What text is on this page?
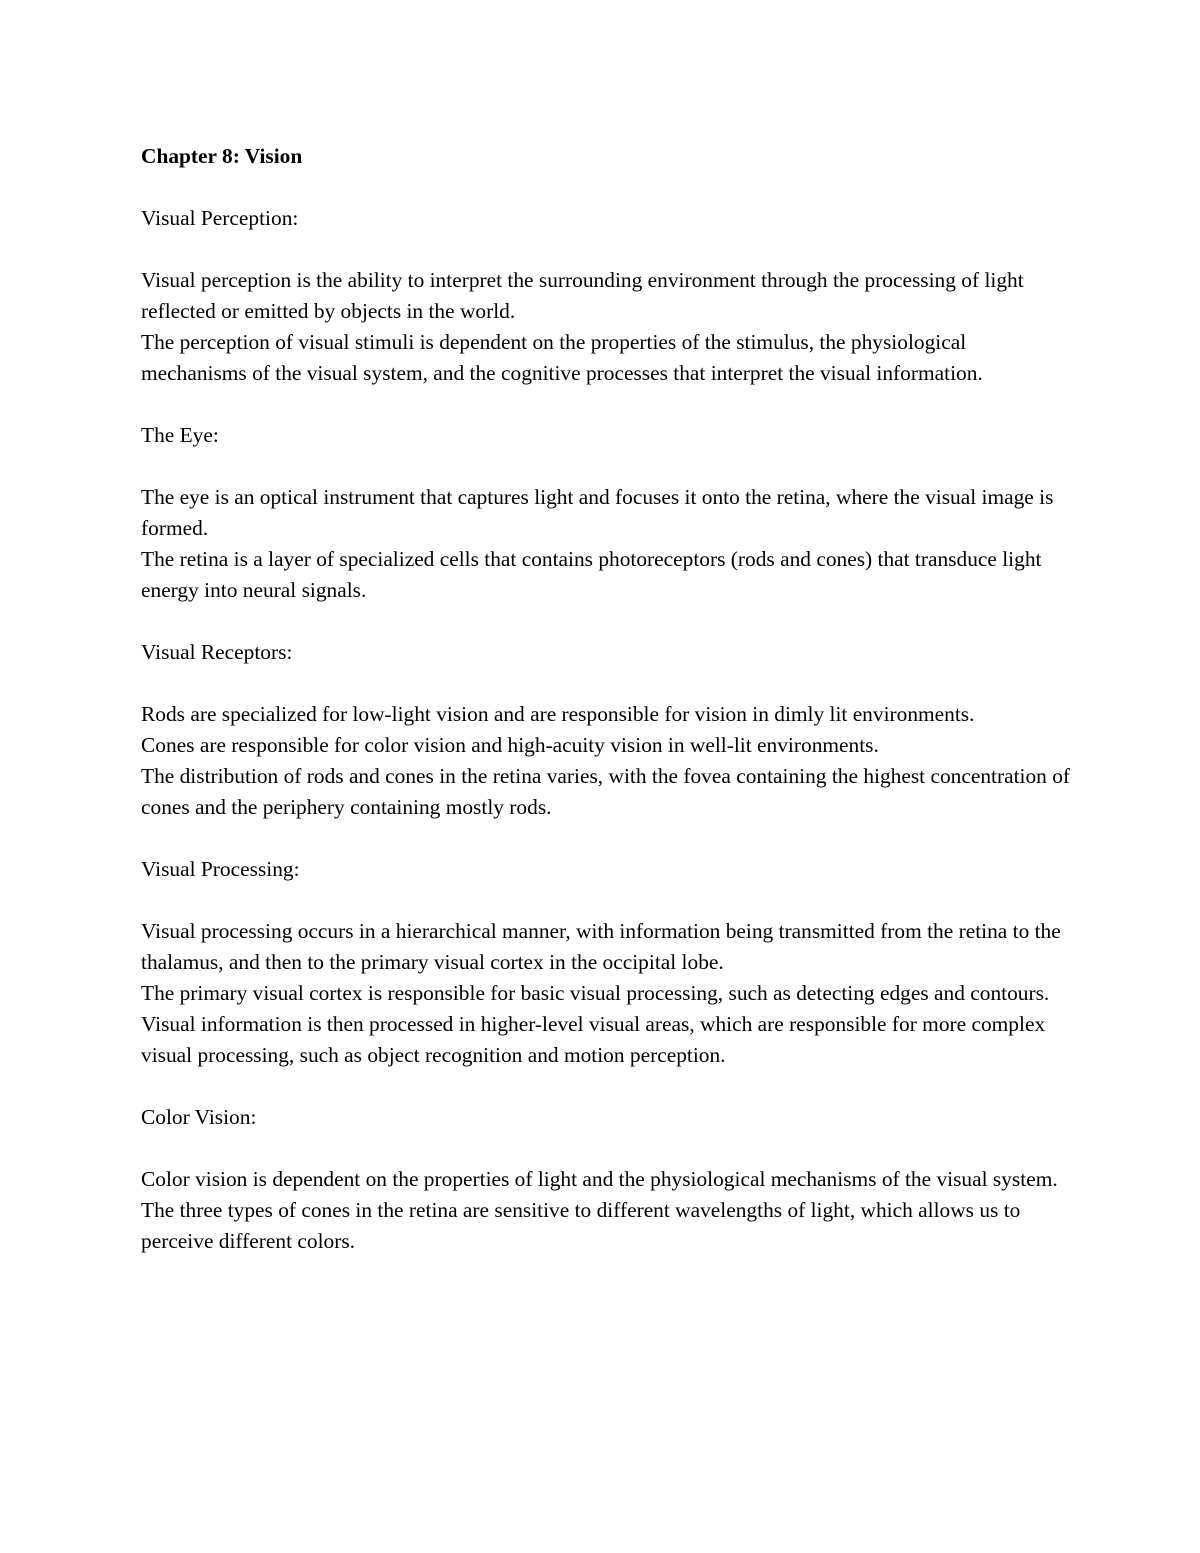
Chapter 8: Vision
Visual Perception:

Visual perception is the ability to interpret the surrounding environment through the processing of light reflected or emitted by objects in the world.

The perception of visual stimuli is dependent on the properties of the stimulus, the physiological mechanisms of the visual system, and the cognitive processes that interpret the visual information.

The Eye:

The eye is an optical instrument that captures light and focuses it onto the retina, where the visual image is formed.

The retina is a layer of specialized cells that contains photoreceptors (rods and cones) that transduce light energy into neural signals.

Visual Receptors:

Rods are specialized for low-light vision and are responsible for vision in dimly lit environments.

Cones are responsible for color vision and high-acuity vision in well-lit environments.

The distribution of rods and cones in the retina varies, with the fovea containing the highest concentration of cones and the periphery containing mostly rods.

Visual Processing:

Visual processing occurs in a hierarchical manner, with information being transmitted from the retina to the thalamus, and then to the primary visual cortex in the occipital lobe.

The primary visual cortex is responsible for basic visual processing, such as detecting edges and contours.

Visual information is then processed in higher-level visual areas, which are responsible for more complex visual processing, such as object recognition and motion perception.

Color Vision:

Color vision is dependent on the properties of light and the physiological mechanisms of the visual system.

The three types of cones in the retina are sensitive to different wavelengths of light, which allows us to perceive different colors.
